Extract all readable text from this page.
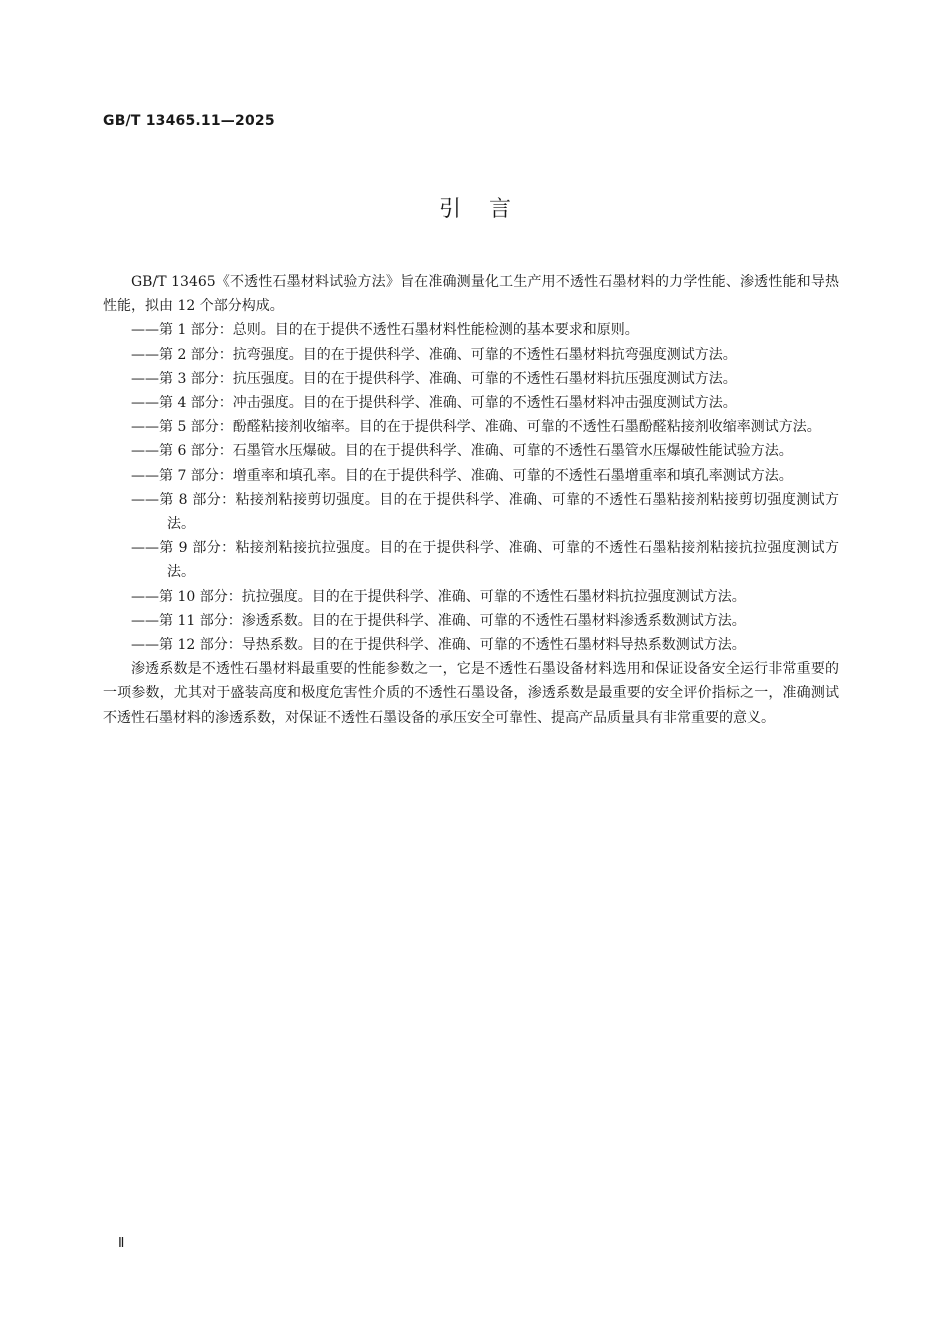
GB/T 13465.11—2025
引言

GB/T 13465《不透性石墨材料试验方法》旨在准确测量化工生产用不透性石墨材料的力学性能、渗透性能和导热性能，拟由 12 个部分构成。

——第 1 部分：总则。目的在于提供不透性石墨材料性能检测的基本要求和原则。

——第 2 部分：抗弯强度。目的在于提供科学、准确、可靠的不透性石墨材料抗弯强度测试方法。

——第 3 部分：抗压强度。目的在于提供科学、准确、可靠的不透性石墨材料抗压强度测试方法。

——第 4 部分：冲击强度。目的在于提供科学、准确、可靠的不透性石墨材料冲击强度测试方法。

——第 5 部分：酚醛粘接剂收缩率。目的在于提供科学、准确、可靠的不透性石墨酚醛粘接剂收缩率测试方法。

——第 6 部分：石墨管水压爆破。目的在于提供科学、准确、可靠的不透性石墨管水压爆破性能试验方法。

——第 7 部分：增重率和填孔率。目的在于提供科学、准确、可靠的不透性石墨增重率和填孔率测试方法。

——第 8 部分：粘接剂粘接剪切强度。目的在于提供科学、准确、可靠的不透性石墨粘接剂粘接剪切强度测试方法。

——第 9 部分：粘接剂粘接抗拉强度。目的在于提供科学、准确、可靠的不透性石墨粘接剂粘接抗拉强度测试方法。

——第 10 部分：抗拉强度。目的在于提供科学、准确、可靠的不透性石墨材料抗拉强度测试方法。

——第 11 部分：渗透系数。目的在于提供科学、准确、可靠的不透性石墨材料渗透系数测试方法。

——第 12 部分：导热系数。目的在于提供科学、准确、可靠的不透性石墨材料导热系数测试方法。

渗透系数是不透性石墨材料最重要的性能参数之一，它是不透性石墨设备材料选用和保证设备安全运行非常重要的一项参数，尤其对于盛装高度和极度危害性介质的不透性石墨设备，渗透系数是最重要的安全评价指标之一，准确测试不透性石墨材料的渗透系数，对保证不透性石墨设备的承压安全可靠性、提高产品质量具有非常重要的意义。

Ⅱ
